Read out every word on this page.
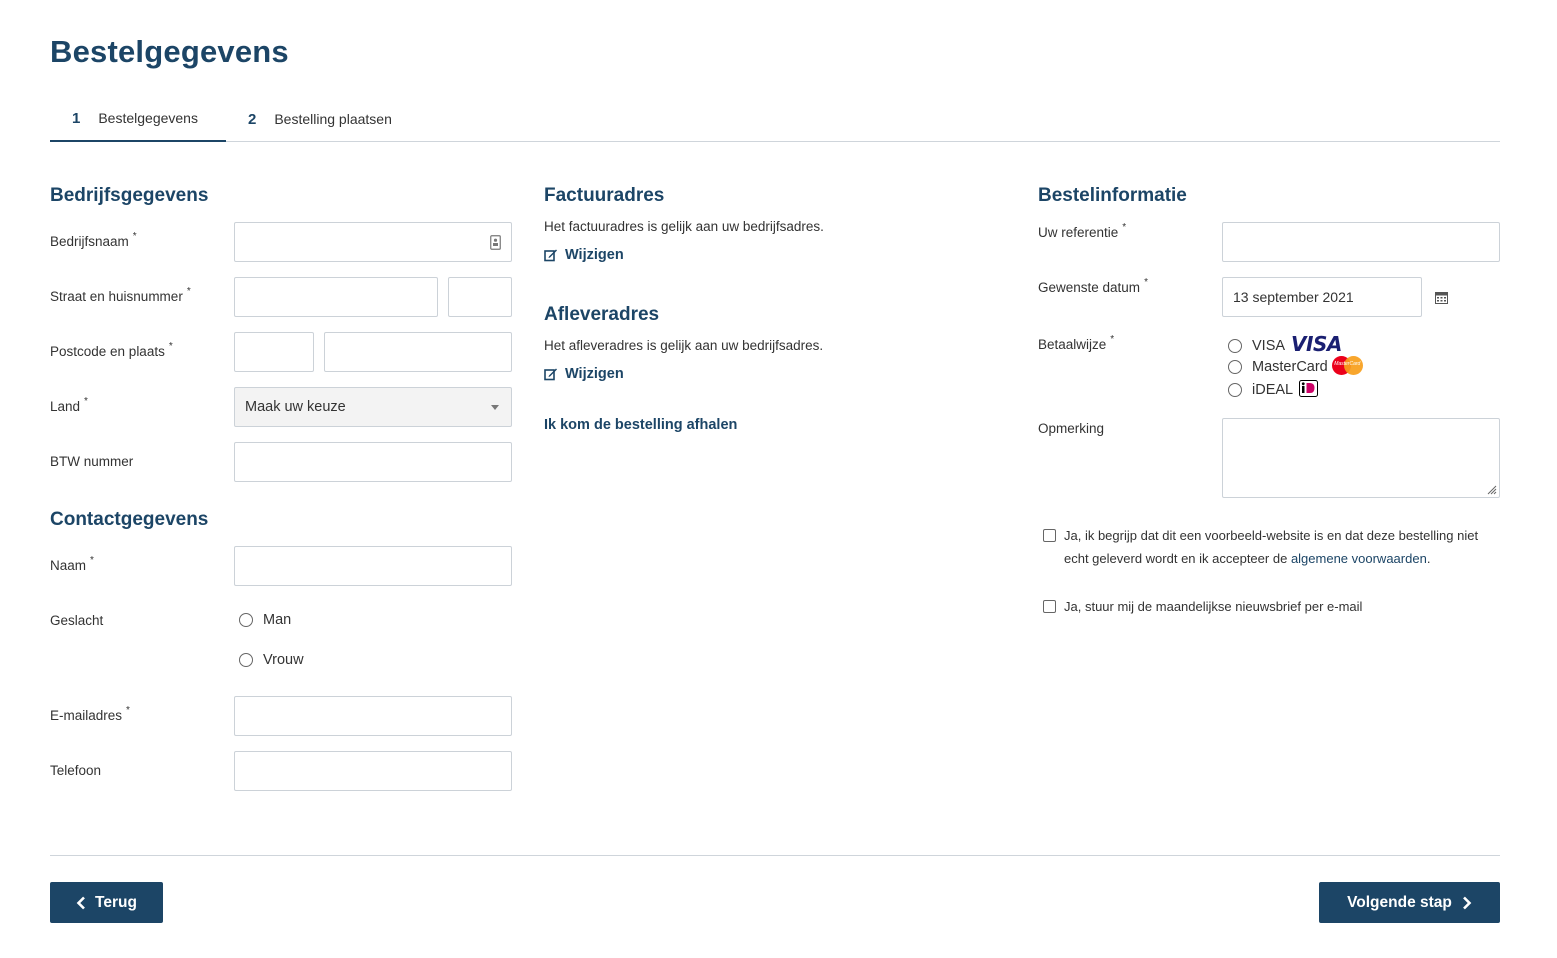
Bestelgegevens
1 Bestelgegevens	2 Bestelling plaatsen
Bedrijfsgegevens
Bedrijfsnaam *
Straat en huisnummer *
Postcode en plaats *
Land *	Maak uw keuze
BTW nummer
Contactgegevens
Naam *
Geslacht	Man
Vrouw
E-mailadres *
Telefoon
Factuuradres
Het factuuradres is gelijk aan uw bedrijfsadres.
Wijzigen
Afleveradres
Het afleveradres is gelijk aan uw bedrijfsadres.
Wijzigen
Ik kom de bestelling afhalen
Bestelinformatie
Uw referentie *
Gewenste datum *
13 september 2021
Betaalwijze *	VISA VISA
MasterCard MasterCard
iDEAL
Opmerking
Ja, ik begrijp dat dit een voorbeeld-website is en dat deze bestelling niet
echt geleverd wordt en ik accepteer de algemene voorwaarden.
Ja, stuur mij de maandelijkse nieuwsbrief per e-mail
Terug	Volgende stap
